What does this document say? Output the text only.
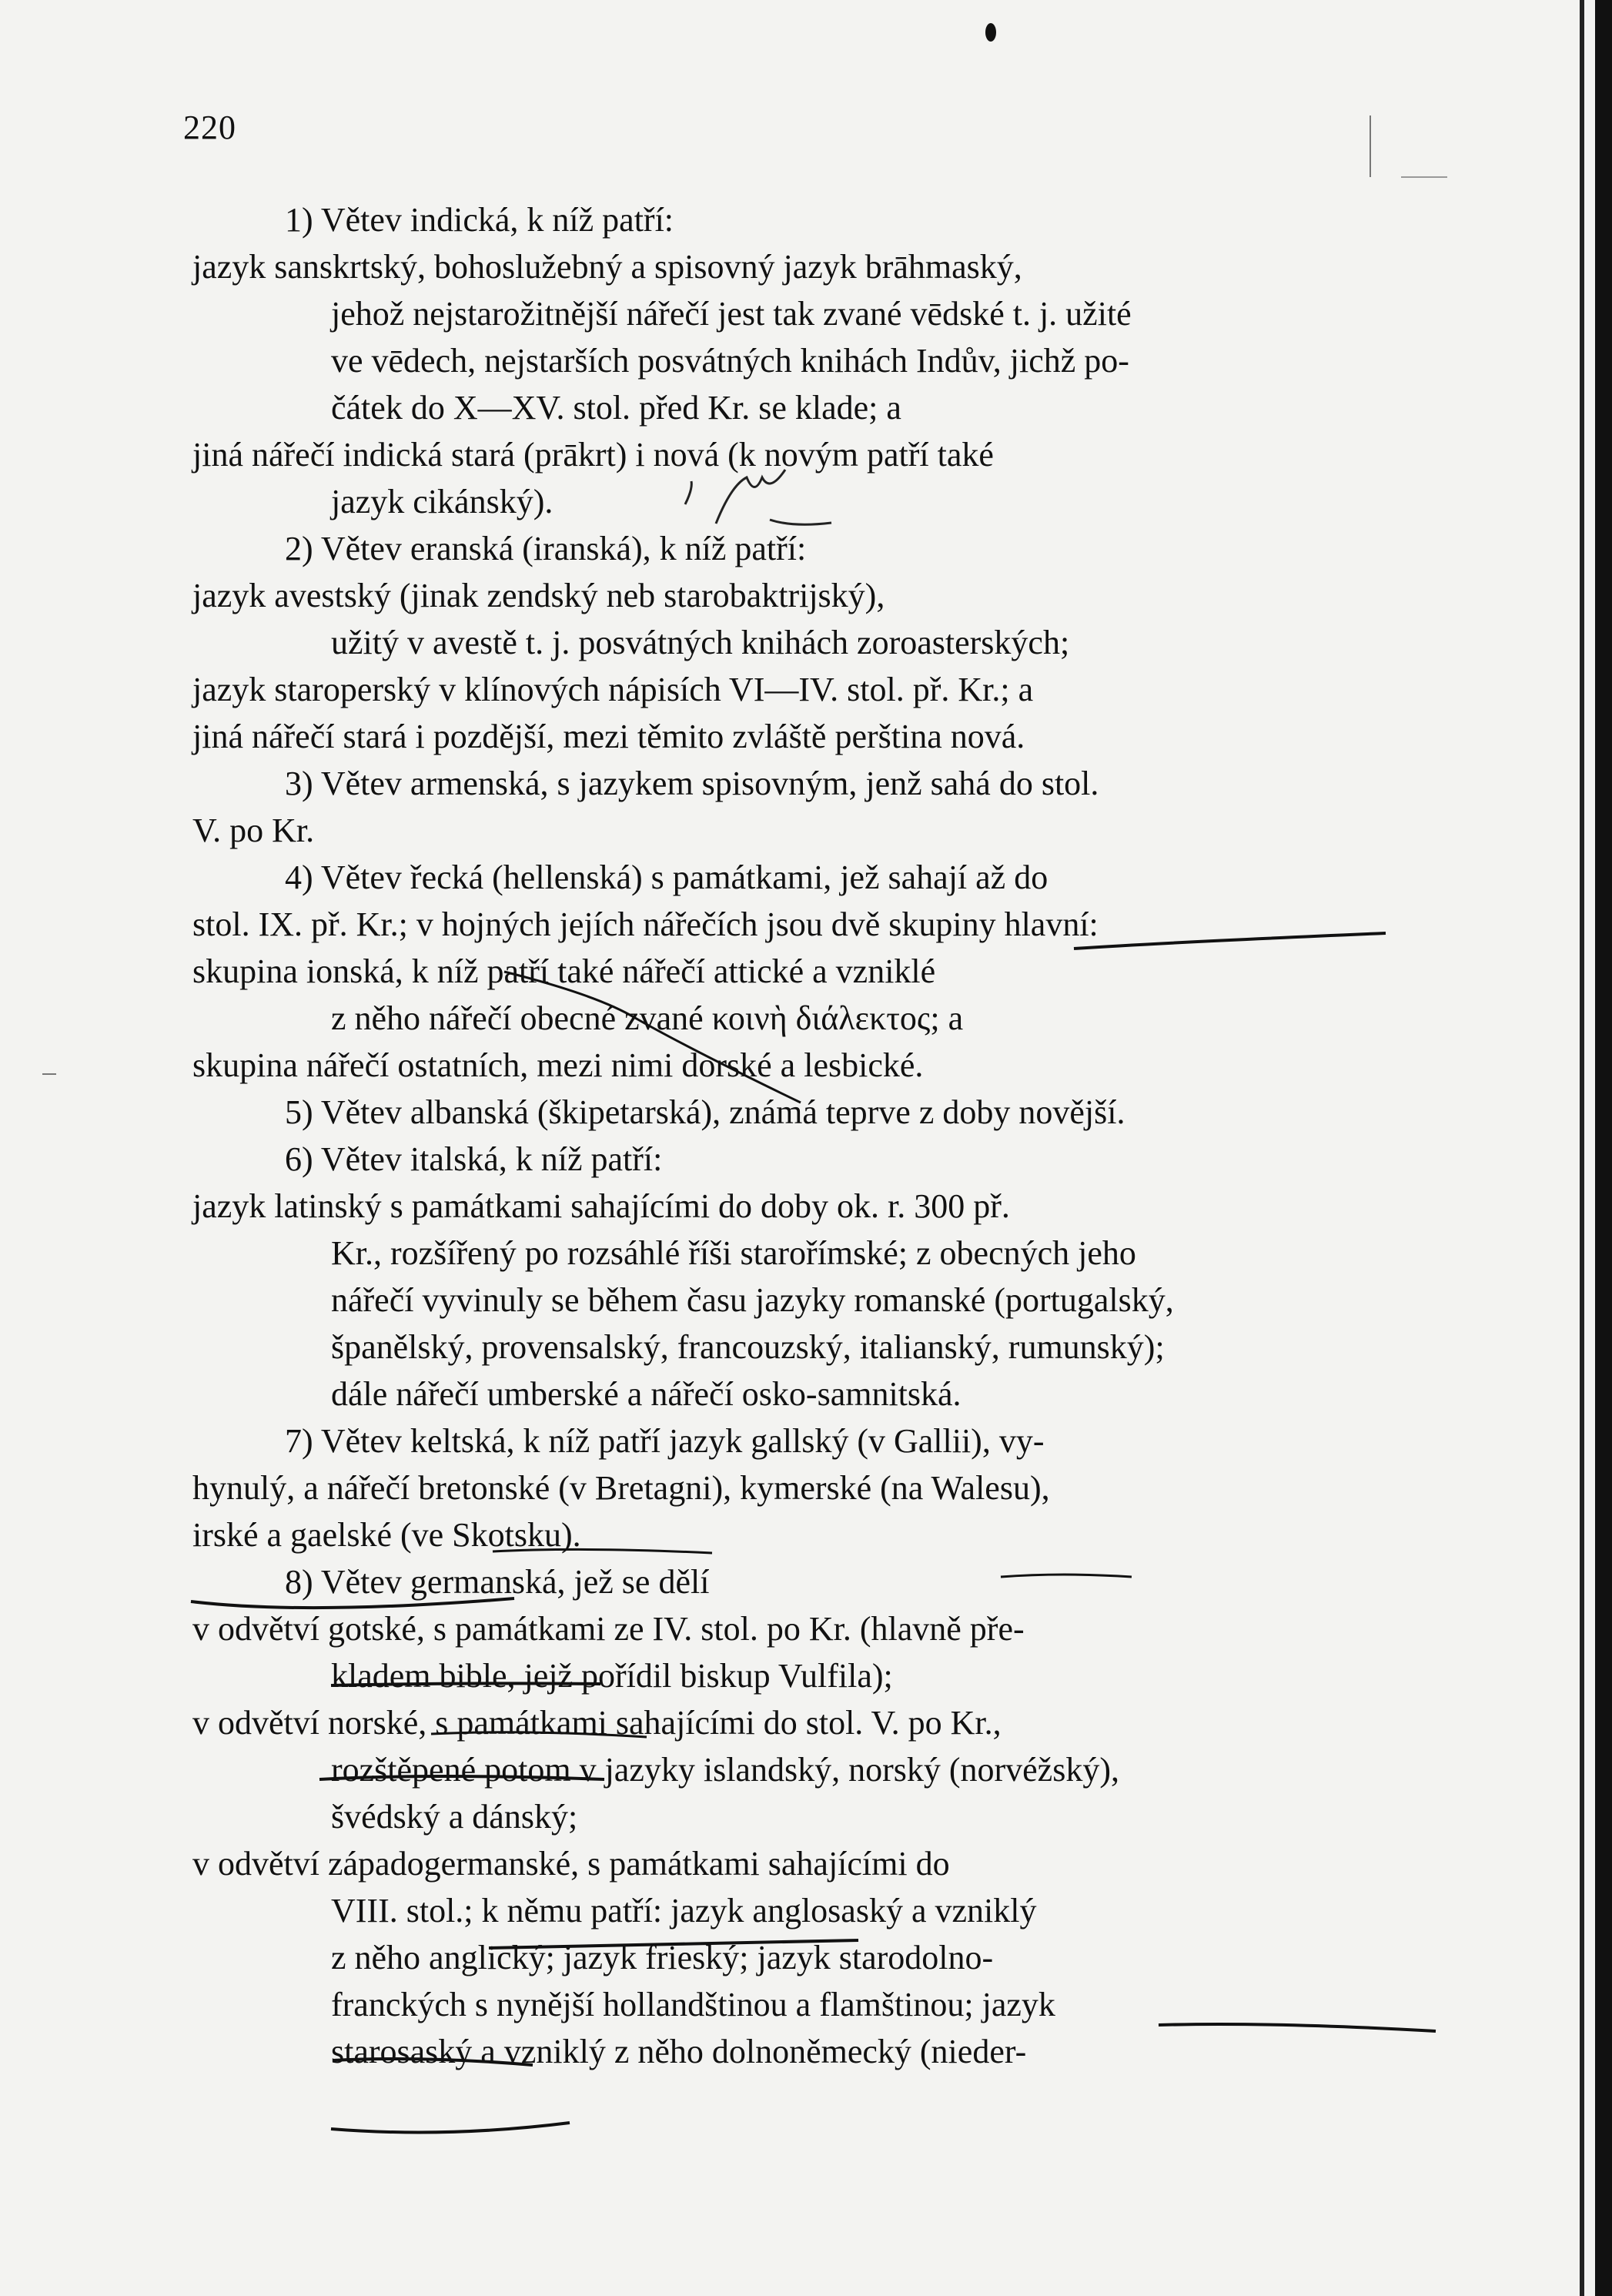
220
1) Větev indická, k níž patří:
jazyk sanskrtský, bohoslužebný a spisovný jazyk brāhmaský,
jehož nejstarožitnější nářečí jest tak zvané vēdské t. j. užité
ve vēdech, nejstarších posvátných knihách Indův, jichž po-
čátek do X—XV. stol. před Kr. se klade; a
jiná nářečí indická stará (prākrt) i nová (k novým patří také
jazyk cikánský).
2) Větev eranská (iranská), k níž patří:
jazyk avestský (jinak zendský neb starobaktrijský),
užitý v avestě t. j. posvátných knihách zoroasterských;
jazyk staroperský v klínových nápisích VI—IV. stol. př. Kr.; a
jiná nářečí stará i pozdější, mezi těmito zvláště perština nová.
3) Větev armenská, s jazykem spisovným, jenž sahá do stol.
V. po Kr.
4) Větev řecká (hellenská) s památkami, jež sahají až do
stol. IX. př. Kr.; v hojných jejích nářečích jsou dvě skupiny hlavní:
skupina ionská, k níž patří také nářečí attické a vzniklé
z něho nářečí obecné zvané κοινὴ διάλεκτος; a
skupina nářečí ostatních, mezi nimi dorské a lesbické.
5) Větev albanská (škipetarská), známá teprve z doby novější.
6) Větev italská, k níž patří:
jazyk latinský s památkami sahajícími do doby ok. r. 300 př.
Kr., rozšířený po rozsáhlé říši starořímské; z obecných jeho
nářečí vyvinuly se během času jazyky romanské (portugalský,
španělský, provensalský, francouzský, italianský, rumunský);
dále nářečí umberské a nářečí osko-samnitská.
7) Větev keltská, k níž patří jazyk gallský (v Gallii), vy-
hynulý, a nářečí bretonské (v Bretagni), kymerské (na Walesu),
irské a gaelské (ve Skotsku).
8) Větev germanská, jež se dělí
v odvětví gotské, s památkami ze IV. stol. po Kr. (hlavně pře-
kladem bible, jejž pořídil biskup Vulfila);
v odvětví norské, s památkami sahajícími do stol. V. po Kr.,
rozštěpené potom v jazyky islandský, norský (norvéžský),
švédský a dánský;
v odvětví západogermanské, s památkami sahajícími do
VIII. stol.; k němu patří: jazyk anglosaský a vzniklý
z něho anglický; jazyk frieský; jazyk starodolno-
franckých s nynější hollandštinou a flamštinou; jazyk
starosaský a vzniklý z něho dolnoněmecký (nieder-
